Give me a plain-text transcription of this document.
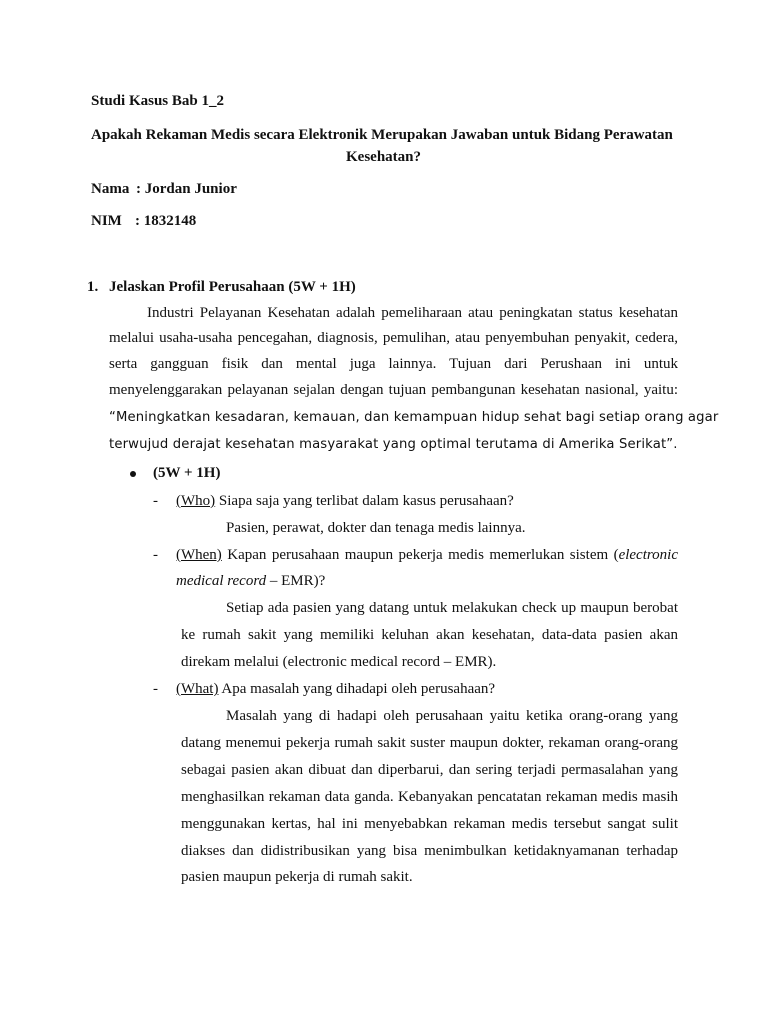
Studi Kasus Bab 1_2
Apakah Rekaman Medis secara Elektronik Merupakan Jawaban untuk Bidang Perawatan
Kesehatan?
Nama : Jordan Junior
NIM : 1832148
1. Jelaskan Profil Perusahaan (5W + 1H)
Industri Pelayanan Kesehatan adalah pemeliharaan atau peningkatan status kesehatan
melalui usaha-usaha pencegahan, diagnosis, pemulihan, atau penyembuhan penyakit, cedera,
serta gangguan fisik dan mental juga lainnya. Tujuan dari Perushaan ini untuk
menyelenggarakan pelayanan sejalan dengan tujuan pembangunan kesehatan nasional, yaitu:
“Meningkatkan kesadaran, kemauan, dan kemampuan hidup sehat bagi setiap orang agar
terwujud derajat kesehatan masyarakat yang optimal terutama di Amerika Serikat”.
(5W + 1H)
- (Who) Siapa saja yang terlibat dalam kasus perusahaan?
Pasien, perawat, dokter dan tenaga medis lainnya.
- (When) Kapan perusahaan maupun pekerja medis memerlukan sistem (electronic
medical record – EMR)?
Setiap ada pasien yang datang untuk melakukan check up maupun berobat
ke rumah sakit yang memiliki keluhan akan kesehatan, data-data pasien akan
direkam melalui (electronic medical record – EMR).
- (What) Apa masalah yang dihadapi oleh perusahaan?
Masalah yang di hadapi oleh perusahaan yaitu ketika orang-orang yang
datang menemui pekerja rumah sakit suster maupun dokter, rekaman orang-orang
sebagai pasien akan dibuat dan diperbarui, dan sering terjadi permasalahan yang
menghasilkan rekaman data ganda. Kebanyakan pencatatan rekaman medis masih
menggunakan kertas, hal ini menyebabkan rekaman medis tersebut sangat sulit
diakses dan didistribusikan yang bisa menimbulkan ketidaknyamanan terhadap
pasien maupun pekerja di rumah sakit.
